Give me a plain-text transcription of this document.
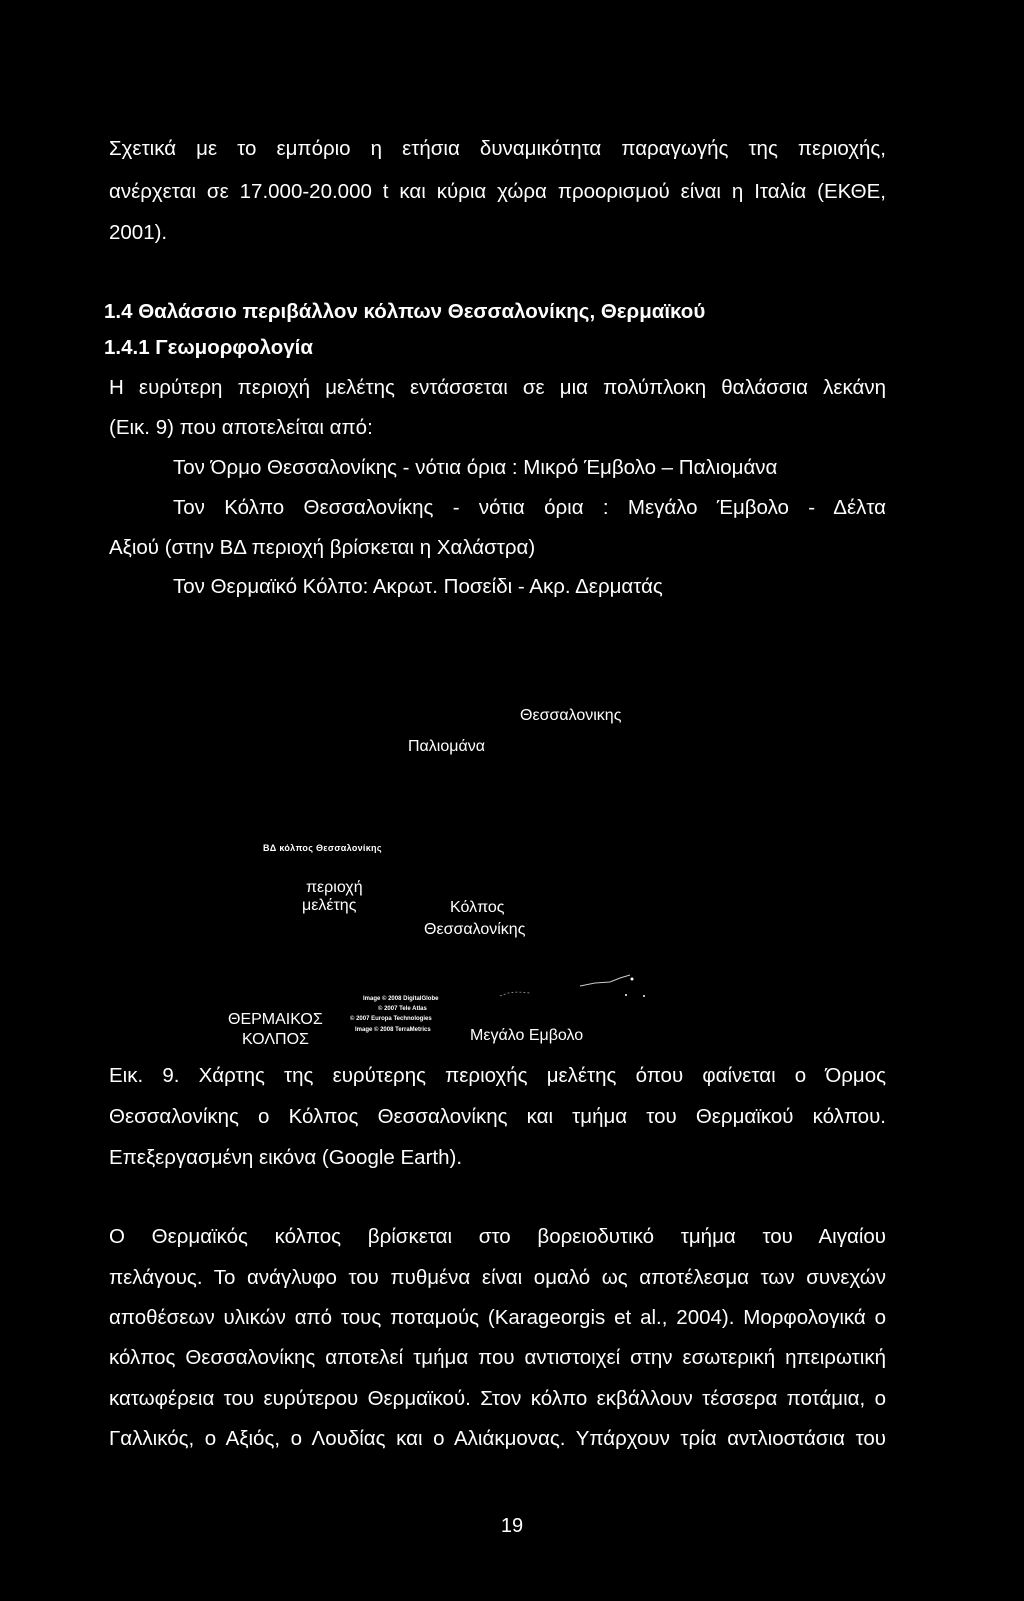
Σχετικά με το εμπόριο η ετήσια δυναμικότητα παραγωγής της περιοχής,
ανέρχεται σε 17.000-20.000 t και κύρια χώρα προορισμού είναι η Ιταλία (ΕΚΘΕ,
2001).
1.4 Θαλάσσιο περιβάλλον κόλπων Θεσσαλονίκης, Θερμαϊκού
1.4.1 Γεωμορφολογία
Η ευρύτερη περιοχή μελέτης εντάσσεται σε μια πολύπλοκη θαλάσσια λεκάνη
(Εικ. 9) που αποτελείται από:
Τον Όρμο Θεσσαλονίκης - νότια όρια : Μικρό Έμβολο – Παλιομάνα
Τον Κόλπο Θεσσαλονίκης - νότια όρια : Μεγάλο Έμβολο - Δέλτα
Αξιού (στην ΒΔ περιοχή βρίσκεται η Χαλάστρα)
Τον Θερμαϊκό Κόλπο: Ακρωτ. Ποσείδι - Ακρ. Δερματάς
Θεσσαλονικης
Παλιομάνα
ΒΔ κόλπος Θεσσαλονίκης
περιοχή
μελέτης	Κόλπος
Θεσσαλονίκης
ΘΕΡΜΑΙΚΟΣ
ΚΟΛΠΟΣ	Μεγάλο Εμβολο
Image © 2008 DigitalGlobe
© 2007 Tele Atlas
© 2007 Europa Technologies
Image © 2008 TerraMetrics
Εικ. 9. Χάρτης της ευρύτερης περιοχής μελέτης όπου φαίνεται ο Όρμος
Θεσσαλονίκης ο Κόλπος Θεσσαλονίκης και τμήμα του Θερμαϊκού κόλπου.
Επεξεργασμένη εικόνα (Google Earth).
Ο Θερμαϊκός κόλπος βρίσκεται στο βορειοδυτικό τμήμα του Αιγαίου
πελάγους. Το ανάγλυφο του πυθμένα είναι ομαλό ως αποτέλεσμα των συνεχών
αποθέσεων υλικών από τους ποταμούς (Karageorgis et al., 2004). Μορφολογικά ο
κόλπος Θεσσαλονίκης αποτελεί τμήμα που αντιστοιχεί στην εσωτερική ηπειρωτική
κατωφέρεια του ευρύτερου Θερμαϊκού. Στον κόλπο εκβάλλουν τέσσερα ποτάμια, ο
Γαλλικός, ο Αξιός, ο Λουδίας και ο Αλιάκμονας. Υπάρχουν τρία αντλιοστάσια του
19
